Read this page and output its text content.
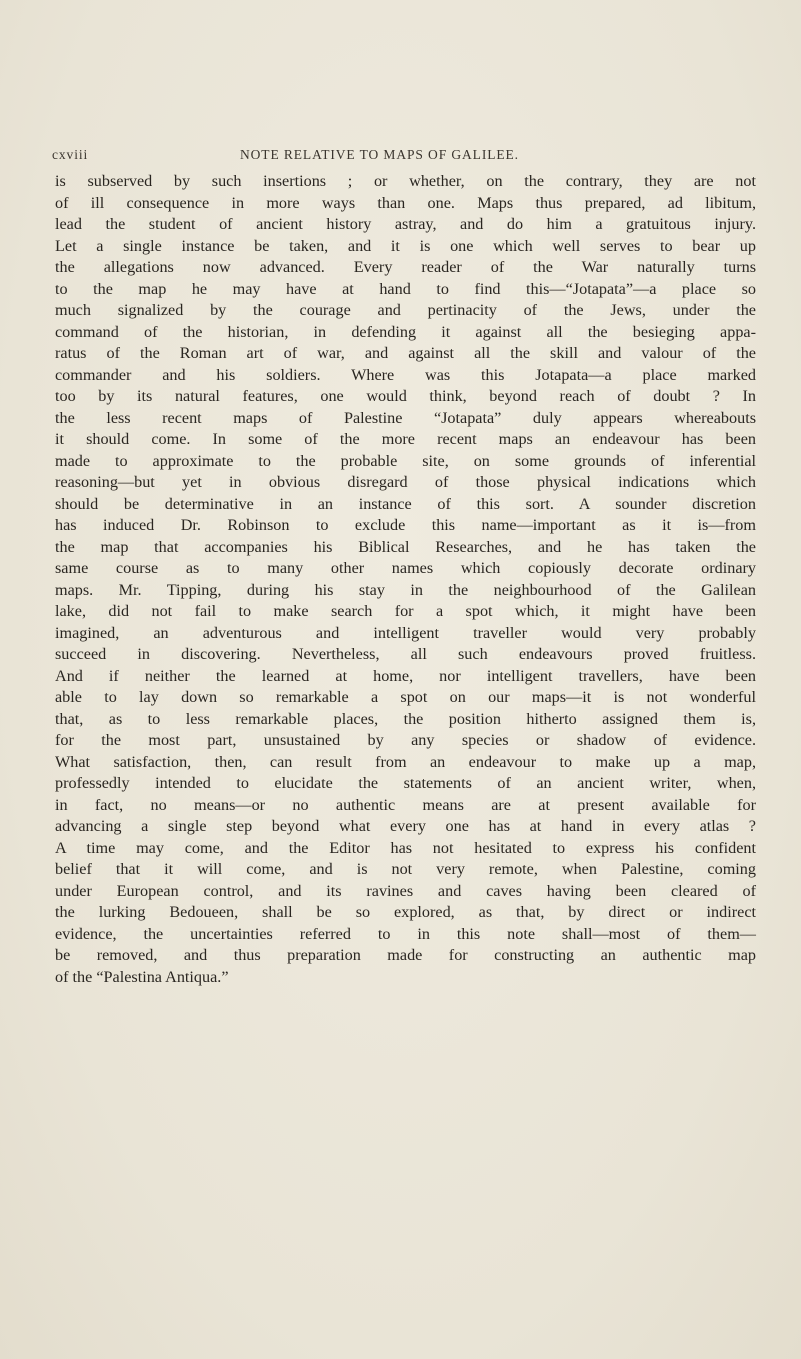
cxviii	NOTE RELATIVE TO MAPS OF GALILEE.
is subserved by such insertions ; or whether, on the contrary, they are not
of ill consequence in more ways than one. Maps thus prepared, ad libitum,
lead the student of ancient history astray, and do him a gratuitous injury.
Let a single instance be taken, and it is one which well serves to bear up
the allegations now advanced. Every reader of the War naturally turns
to the map he may have at hand to find this—“Jotapata”—a place so
much signalized by the courage and pertinacity of the Jews, under the
command of the historian, in defending it against all the besieging appa-
ratus of the Roman art of war, and against all the skill and valour of the
commander and his soldiers. Where was this Jotapata—a place marked
too by its natural features, one would think, beyond reach of doubt ? In
the less recent maps of Palestine “Jotapata” duly appears whereabouts
it should come. In some of the more recent maps an endeavour has been
made to approximate to the probable site, on some grounds of inferential
reasoning—but yet in obvious disregard of those physical indications which
should be determinative in an instance of this sort. A sounder discretion
has induced Dr. Robinson to exclude this name—important as it is—from
the map that accompanies his Biblical Researches, and he has taken the
same course as to many other names which copiously decorate ordinary
maps. Mr. Tipping, during his stay in the neighbourhood of the Galilean
lake, did not fail to make search for a spot which, it might have been
imagined, an adventurous and intelligent traveller would very probably
succeed in discovering. Nevertheless, all such endeavours proved fruitless.
And if neither the learned at home, nor intelligent travellers, have been
able to lay down so remarkable a spot on our maps—it is not wonderful
that, as to less remarkable places, the position hitherto assigned them is,
for the most part, unsustained by any species or shadow of evidence.
What satisfaction, then, can result from an endeavour to make up a map,
professedly intended to elucidate the statements of an ancient writer, when,
in fact, no means—or no authentic means are at present available for
advancing a single step beyond what every one has at hand in every atlas ?
A time may come, and the Editor has not hesitated to express his confident
belief that it will come, and is not very remote, when Palestine, coming
under European control, and its ravines and caves having been cleared of
the lurking Bedoueen, shall be so explored, as that, by direct or indirect
evidence, the uncertainties referred to in this note shall—most of them—
be removed, and thus preparation made for constructing an authentic map
of the “Palestina Antiqua.”
